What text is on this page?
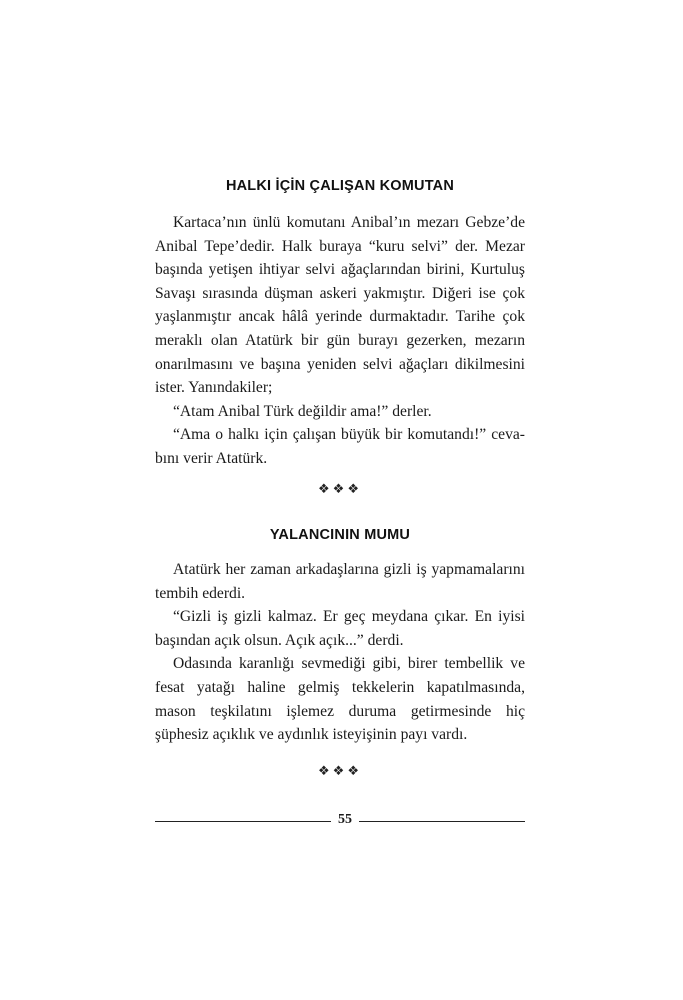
HALKI İÇİN ÇALIŞAN KOMUTAN

Kartaca’nın ünlü komutanı Anibal’ın mezarı Gebze’de Anibal Tepe’dedir. Halk buraya “kuru selvi” der. Mezar başında yetişen ihtiyar selvi ağaçlarından birini, Kurtuluş Savaşı sırasında düşman askeri yakmıştır. Diğeri ise çok yaşlanmıştır ancak hâlâ yerinde durmaktadır. Tarihe çok meraklı olan Atatürk bir gün burayı gezerken, mezarın onarılmasını ve başına yeniden selvi ağaçları dikilmesini ister. Yanındakiler;

“Atam Anibal Türk değildir ama!” derler.

“Ama o halkı için çalışan büyük bir komutandı!” cevabını verir Atatürk.

❖❖❖
YALANCININ MUMU

Atatürk her zaman arkadaşlarına gizli iş yapmamalarını tembih ederdi.

“Gizli iş gizli kalmaz. Er geç meydana çıkar. En iyisi başından açık olsun. Açık açık...” derdi.

Odasında karanlığı sevmediği gibi, birer tembellik ve fesat yatağı haline gelmiş tekkelerin kapatılmasında, mason teşkilatını işlemez duruma getirmesinde hiç şüphesiz açıklık ve aydınlık isteyişinin payı vardı.

❖❖❖
55
